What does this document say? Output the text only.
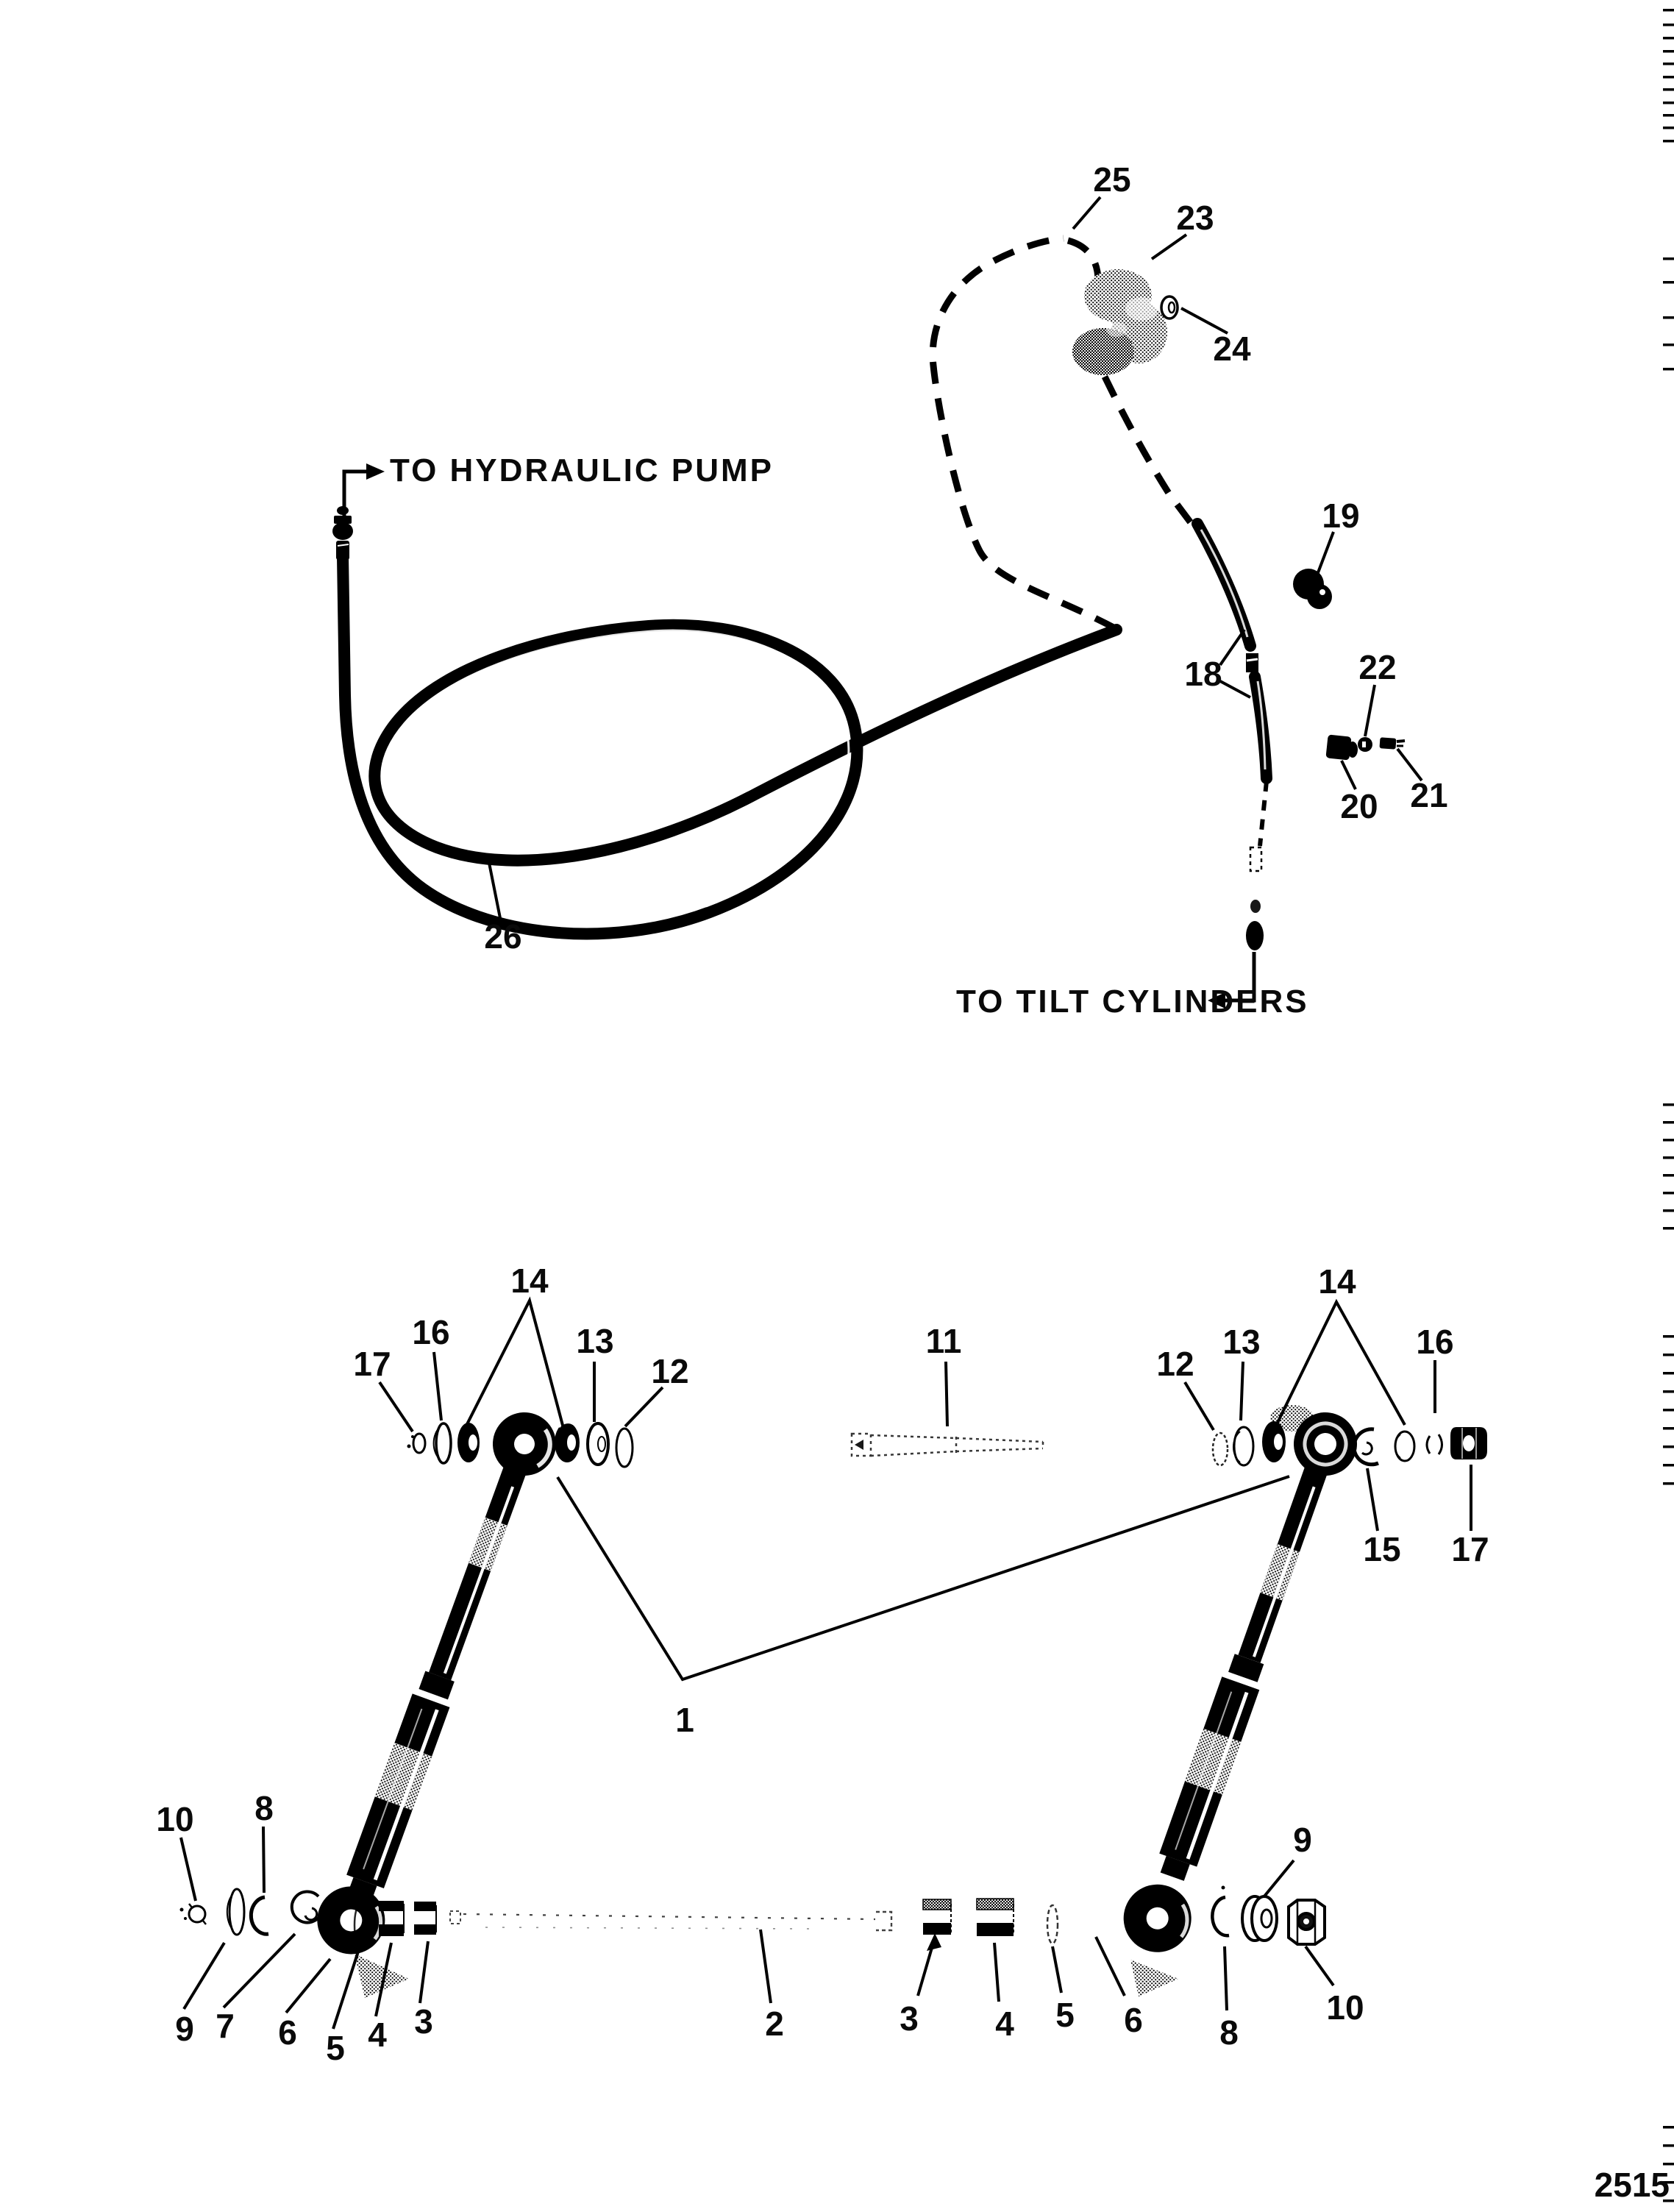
TO HYDRAULIC PUMP
TO TILT CYLINDERS
25
23
24
19
18	22
20 21
26
17
16
14
13
12
11
12
13
14
16
15 17
1
10 8
9 7 6 5 4 3	2	3 4 5 6 8
9
10
2515
